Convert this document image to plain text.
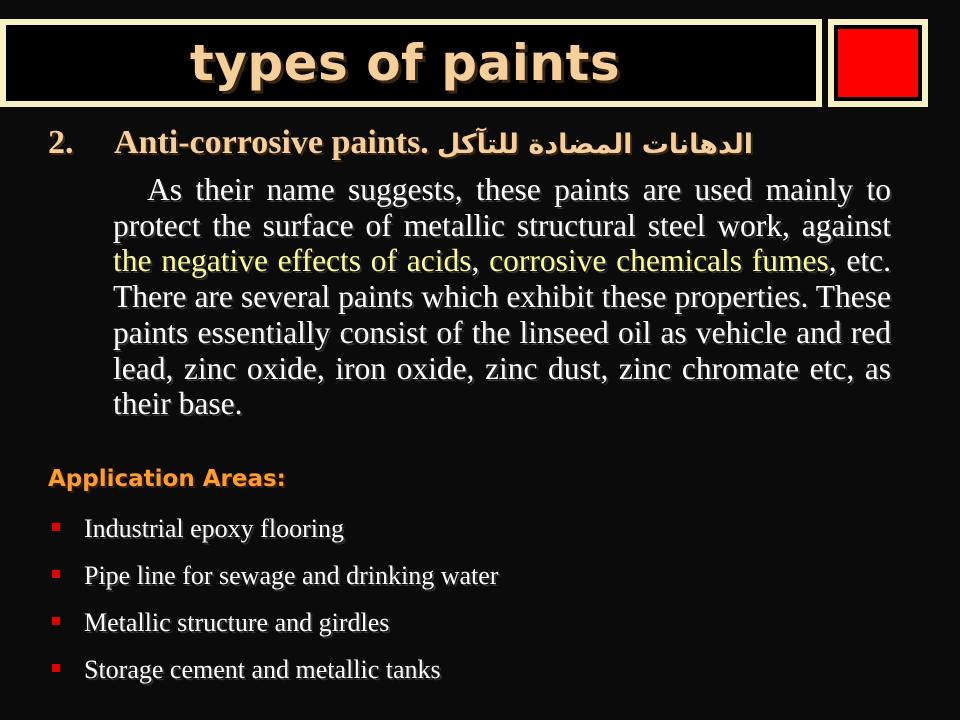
types of paints
2. Anti-corrosive paints. الدهانات المضادة للتآكل
As their name suggests, these paints are used mainly to protect the surface of metallic structural steel work, against the negative effects of acids, corrosive chemicals fumes, etc. There are several paints which exhibit these properties. These paints essentially consist of the linseed oil as vehicle and red lead, zinc oxide, iron oxide, zinc dust, zinc chromate etc, as their base.
Application Areas:
Industrial epoxy flooring
Pipe line for sewage and drinking water
Metallic structure and girdles
Storage cement and metallic tanks
